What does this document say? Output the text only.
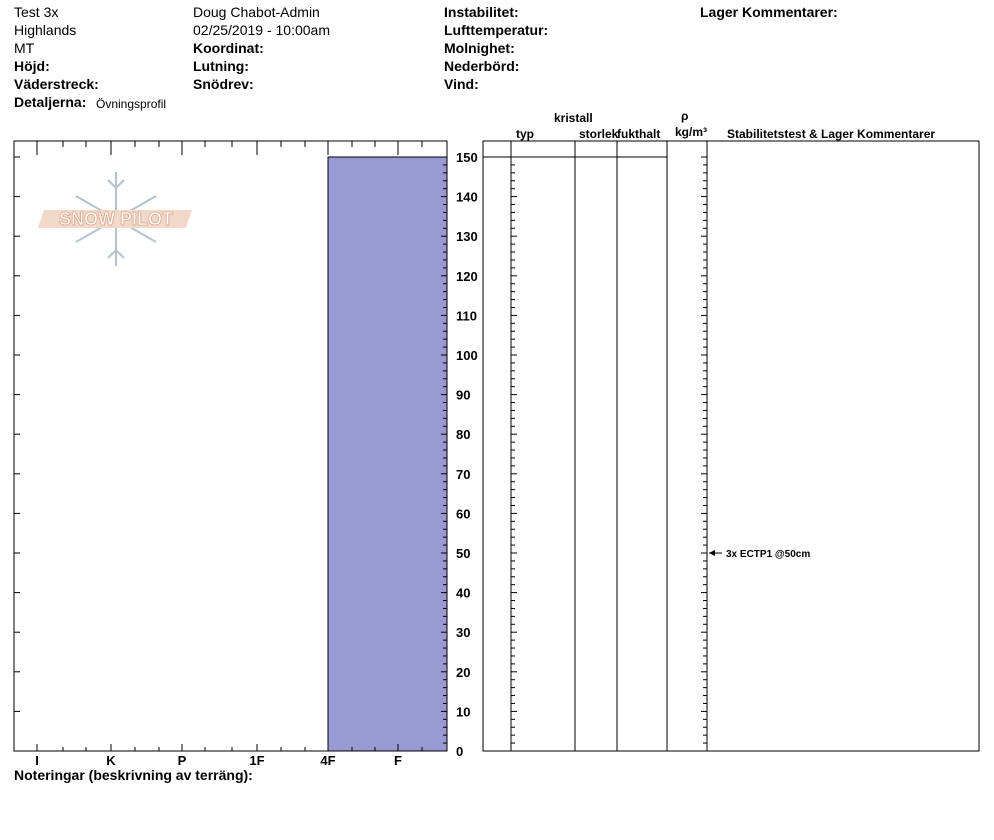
Test 3x
Highlands
MT
Höjd:
Väderstreck:
Detaljerna: Övningsprofil
Doug Chabot-Admin
02/25/2019 - 10:00am
Koordinat:
Lutning:
Snödrev:
Instabilitet:
Lufttemperatur:
Molnighet:
Nederbörd:
Vind:
Lager Kommentarer:
typ
kristall
storlek
fukthalt
ρ
kg/m³ Stabilitetstest & Lager Kommentarer
SNOW PILOT
0
10
20
30
40
50
60
70
80
90
100
110
120
130
140
150
I	K	P	1F	4F	F
3x ECTP1 @50cm
Noteringar (beskrivning av terräng):
